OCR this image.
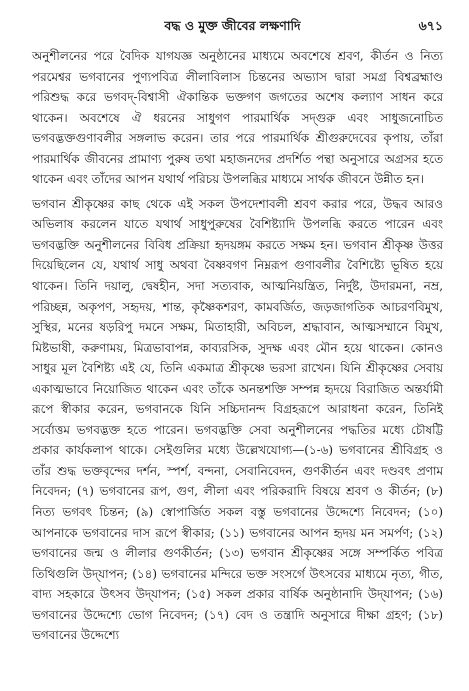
বদ্ধ ও মুক্ত জীবের লক্ষণাদি	৬৭১

অনুশীলনের পরে বৈদিক যাগযজ্ঞ অনুষ্ঠানের মাধ্যমে অবশেষে শ্রবণ, কীর্তন ও নিত্য পরমেশ্বর ভগবানের পুণ্যপবিত্র লীলাবিলাস চিন্তনের অভ্যাস দ্বারা সমগ্র বিশ্বব্রহ্মাণ্ড পরিশুদ্ধ করে ভগবদ্-বিশ্বাসী ঐকান্তিক ভক্তগণ জগতের অশেষ কল্যাণ সাধন করে থাকেন। অবশেষে ঐ ধরনের সাধুগণ পারমার্থিক সদ্গুরু এবং সাধুজনোচিত ভগবদ্ভক্তগুণাবলীর সঙ্গলাভ করেন। তার পরে পারমার্থিক শ্রীগুরুদেবের কৃপায়, তাঁরা পারমার্থিক জীবনের প্রামাণ্য পুরুষ তথা মহাজনদের প্রদর্শিত পন্থা অনুসারে অগ্রসর হতে থাকেন এবং তাঁদের আপন যথার্থ পরিচয় উপলব্ধির মাধ্যমে সার্থক জীবনে উন্নীত হন।

ভগবান শ্রীকৃষ্ণের কাছ থেকে এই সকল উপদেশাবলী শ্রবণ করার পরে, উদ্ধব আরও অভিলাষ করলেন যাতে যথার্থ সাধুপুরুষের বৈশিষ্ট্যাদি উপলব্ধি করতে পারেন এবং ভগবদ্ভক্তি অনুশীলনের বিবিধ প্রক্রিয়া হৃদয়ঙ্গম করতে সক্ষম হন। ভগবান শ্রীকৃষ্ণ উত্তর দিয়েছিলেন যে, যথার্থ সাধু অথবা বৈষ্ণবগণ নিম্নরূপ গুণাবলীর বৈশিষ্ট্যে ভূষিত হয়ে থাকেন। তিনি দয়ালু, দ্বেষহীন, সদা সত্যবাক, আত্মনিয়ন্ত্রিত, নির্দুষ্ট, উদারমনা, নম্র, পরিচ্ছন্ন, অকৃপণ, সহৃদয়, শান্ত, কৃষ্ণৈকশরণ, কামবর্জিত, জড়জাগতিক আচরণবিমুখ, সুস্থির, মনের ষড়রিপু দমনে সক্ষম, মিতাহারী, অবিচল, শ্রদ্ধাবান, আত্মসম্মানে বিমুখ, মিষ্টভাষী, করুণাময়, মিত্রভাবাপন্ন, কাব্যরসিক, সুদক্ষ এবং মৌন হয়ে থাকেন। কোনও সাধুর মূল বৈশিষ্ট্য এই যে, তিনি একমাত্র শ্রীকৃষ্ণে ভরসা রাখেন। যিনি শ্রীকৃষ্ণের সেবায় একাত্মভাবে নিয়োজিত থাকেন এবং তাঁকে অনন্তশক্তি সম্পন্ন হৃদয়ে বিরাজিত অন্তর্যামী রূপে স্বীকার করেন, ভগবানকে যিনি সচ্চিদানন্দ বিগ্রহরূপে আরাধনা করেন, তিনিই সর্বোত্তম ভগবদ্ভক্ত হতে পারেন। ভগবদ্ভক্তি সেবা অনুশীলনের পদ্ধতির মধ্যে চৌষট্টি প্রকার কার্যকলাপ থাকে। সেইগুলির মধ্যে উল্লেখযোগ্য—(১-৬) ভগবানের শ্রীবিগ্রহ ও তাঁর শুদ্ধ ভক্তবৃন্দের দর্শন, স্পর্শ, বন্দনা, সেবানিবেদন, গুণকীর্তন এবং দণ্ডবৎ প্রণাম নিবেদন; (৭) ভগবানের রূপ, গুণ, লীলা এবং পরিকরাদি বিষয়ে শ্রবণ ও কীর্তন; (৮) নিত্য ভগবৎ চিন্তন; (৯) স্বোপার্জিত সকল বস্তু ভগবানের উদ্দেশ্যে নিবেদন; (১০) আপনাকে ভগবানের দাস রূপে স্বীকার; (১১) ভগবানের আপন হৃদয় মন সমর্পণ; (১২) ভগবানের জন্ম ও লীলার গুণকীর্তন; (১৩) ভগবান শ্রীকৃষ্ণের সঙ্গে সম্পর্কিত পবিত্র তিথিগুলি উদ্‌যাপন; (১৪) ভগবানের মন্দিরে ভক্ত সংসর্গে উৎসবের মাধ্যমে নৃত্য, গীত, বাদ্য সহকারে উৎসব উদ্‌যাপন; (১৫) সকল প্রকার বার্ষিক অনুষ্ঠানাদি উদ্‌যাপন; (১৬) ভগবানের উদ্দেশ্যে ভোগ নিবেদন; (১৭) বেদ ও তন্ত্রাদি অনুসারে দীক্ষা গ্রহণ; (১৮) ভগবানের উদ্দেশ্যে
